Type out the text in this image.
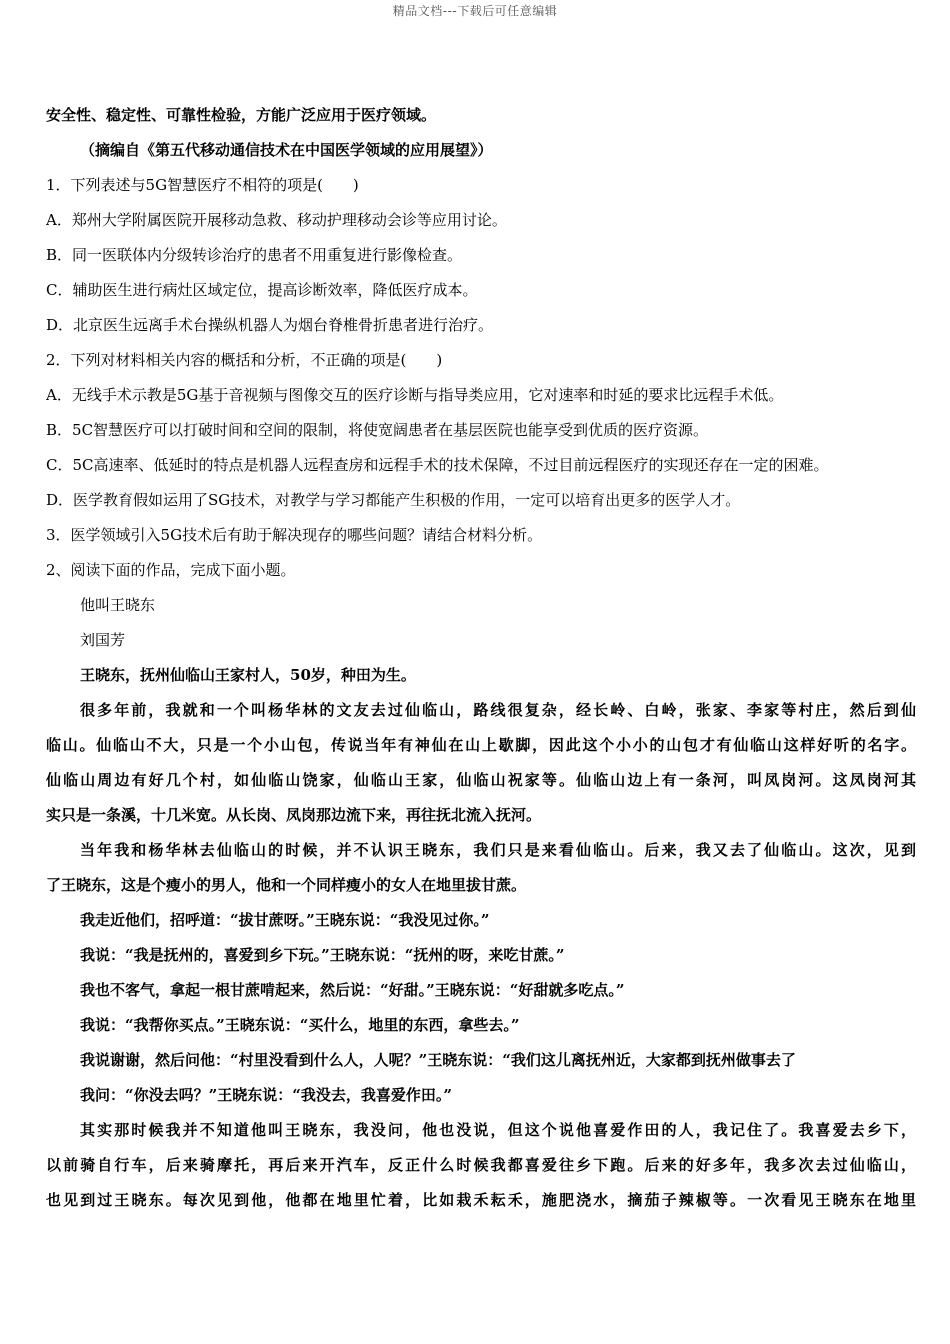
精品文档---下载后可任意编辑
安全性、稳定性、可靠性检验，方能广泛应用于医疗领域。
（摘编自《第五代移动通信技术在中国医学领域的应用展望》）
1．下列表述与5G智慧医疗不相符的项是(　　)
A．郑州大学附属医院开展移动急救、移动护理移动会诊等应用讨论。
B．同一医联体内分级转诊治疗的患者不用重复进行影像检查。
C．辅助医生进行病灶区域定位，提高诊断效率，降低医疗成本。
D．北京医生远离手术台操纵机器人为烟台脊椎骨折患者进行治疗。
2．下列对材料相关内容的概括和分析，不正确的项是(　　)
A．无线手术示教是5G基于音视频与图像交互的医疗诊断与指导类应用，它对速率和时延的要求比远程手术低。
B．5C智慧医疗可以打破时间和空间的限制，将使宽阔患者在基层医院也能享受到优质的医疗资源。
C．5C高速率、低延时的特点是机器人远程查房和远程手术的技术保障，不过目前远程医疗的实现还存在一定的困难。
D．医学教育假如运用了SG技术，对教学与学习都能产生积极的作用，一定可以培育出更多的医学人才。
3．医学领域引入5G技术后有助于解决现存的哪些问题？请结合材料分析。
2、阅读下面的作品，完成下面小题。
他叫王晓东
刘国芳
王晓东，抚州仙临山王家村人，50岁，种田为生。
很多年前，我就和一个叫杨华林的文友去过仙临山，路线很复杂，经长岭、白岭，张家、李家等村庄，然后到仙
临山。仙临山不大，只是一个小山包，传说当年有神仙在山上歇脚，因此这个小小的山包才有仙临山这样好听的名字。
仙临山周边有好几个村，如仙临山饶家，仙临山王家，仙临山祝家等。仙临山边上有一条河，叫凤岗河。这凤岗河其
实只是一条溪，十几米宽。从长岗、凤岗那边流下来，再往抚北流入抚河。
当年我和杨华林去仙临山的时候，并不认识王晓东，我们只是来看仙临山。后来，我又去了仙临山。这次，见到
了王晓东，这是个瘦小的男人，他和一个同样瘦小的女人在地里拔甘蔗。
我走近他们，招呼道：“拔甘蔗呀。”王晓东说：“我没见过你。”
我说：“我是抚州的，喜爱到乡下玩。”王晓东说：“抚州的呀，来吃甘蔗。”
我也不客气，拿起一根甘蔗啃起来，然后说：“好甜。”王晓东说：“好甜就多吃点。”
我说：“我帮你买点。”王晓东说：“买什么，地里的东西，拿些去。”
我说谢谢，然后问他：“村里没看到什么人，人呢？”王晓东说：“我们这儿离抚州近，大家都到抚州做事去了
我问：“你没去吗？”王晓东说：“我没去，我喜爱作田。”
其实那时候我并不知道他叫王晓东，我没问，他也没说，但这个说他喜爱作田的人，我记住了。我喜爱去乡下，
以前骑自行车，后来骑摩托，再后来开汽车，反正什么时候我都喜爱往乡下跑。后来的好多年，我多次去过仙临山，
也见到过王晓东。每次见到他，他都在地里忙着，比如栽禾耘禾，施肥浇水，摘茄子辣椒等。一次看见王晓东在地里
